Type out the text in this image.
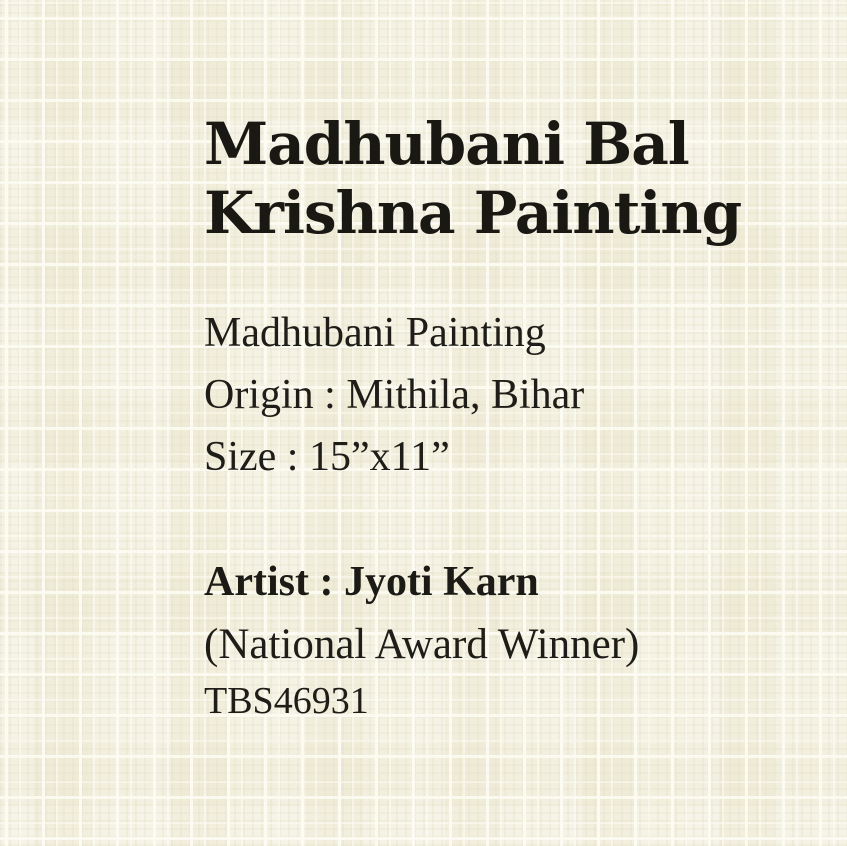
Madhubani Bal
Krishna Painting
Madhubani Painting
Origin : Mithila, Bihar
Size : 15”x11”
Artist : Jyoti Karn
(National Award Winner)
TBS46931
